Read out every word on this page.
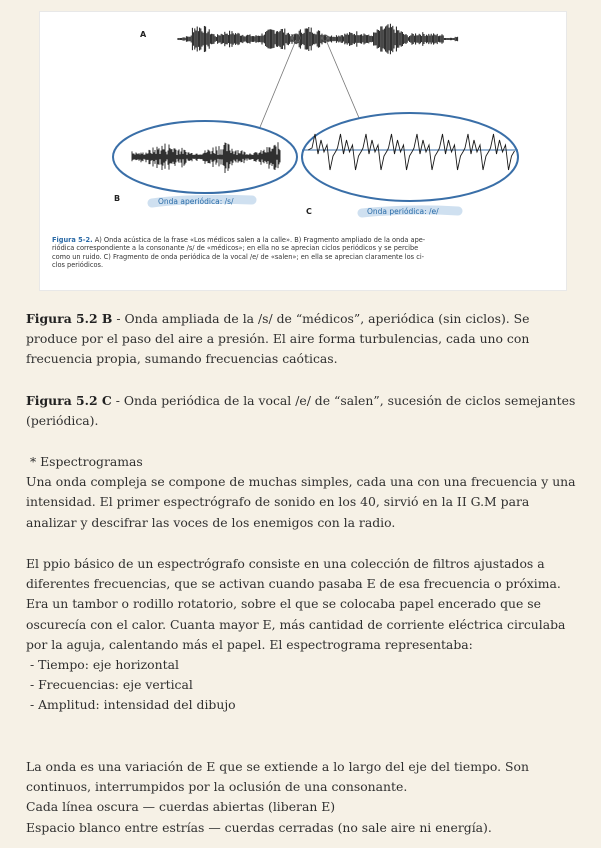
A
B	Onda aperiódica: /s/
C	Onda periódica: /e/
Figura 5-2. A) Onda acústica de la frase «Los médicos salen a la calle». B) Fragmento ampliado de la onda ape-
riódica correspondiente a la consonante /s/ de «médicos»; en ella no se aprecian ciclos periódicos y se percibe
como un ruido. C) Fragmento de onda periódica de la vocal /e/ de «salen»; en ella se aprecian claramente los ci-
clos periódicos.

Figura 5.2 B - Onda ampliada de la /s/ de “médicos”, aperiódica (sin ciclos). Se produce por el paso del aire a presión. El aire forma turbulencias, cada uno con frecuencia propia, sumando frecuencias caóticas.

Figura 5.2 C - Onda periódica de la vocal /e/ de “salen”, sucesión de ciclos semejantes (periódica).

* Espectrogramas

Una onda compleja se compone de muchas simples, cada una con una frecuencia y una intensidad. El primer espectrógrafo de sonido en los 40, sirvió en la II G.M para analizar y descifrar las voces de los enemigos con la radio.

El ppio básico de un espectrógrafo consiste en una colección de filtros ajustados a diferentes frecuencias, que se activan cuando pasaba E de esa frecuencia o próxima.

Era un tambor o rodillo rotatorio, sobre el que se colocaba papel encerado que se oscurecía con el calor. Cuanta mayor E, más cantidad de corriente eléctrica circulaba por la aguja, calentando más el papel. El espectrograma representaba:

- Tiempo: eje horizontal

- Frecuencias: eje vertical

- Amplitud: intensidad del dibujo

La onda es una variación de E que se extiende a lo largo del eje del tiempo. Son continuos, interrumpidos por la oclusión de una consonante.

Cada línea oscura — cuerdas abiertas (liberan E)

Espacio blanco entre estrías — cuerdas cerradas (no sale aire ni energía).
